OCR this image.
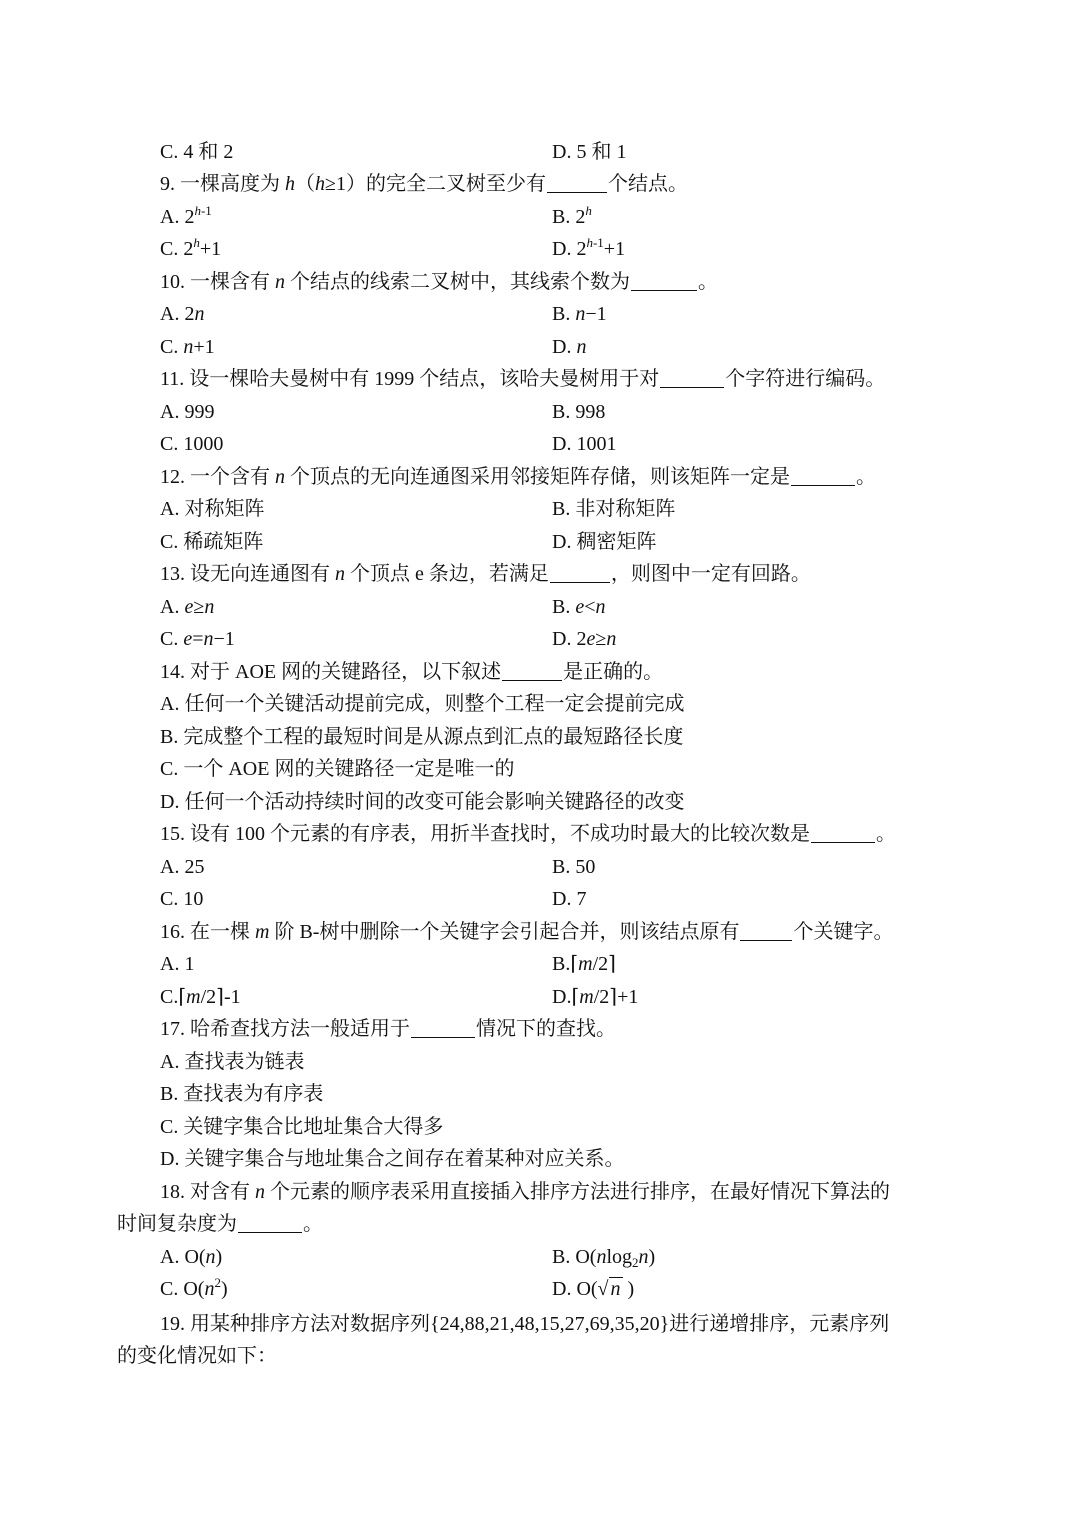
C. 4 和 2	D. 5 和 1
9. 一棵高度为 h（h≥1）的完全二叉树至少有	个结点。
A. 2$^{h-1}$	B. 2$^h$
C. $2^h+1$	D. $2^{h-1}+1$
10. 一棵含有 n 个结点的线索二叉树中，其线索个数为	。
A. 2n	B. n−1
C. n+1	D. n
11. 设一棵哈夫曼树中有 1999 个结点，该哈夫曼树用于对	个字符进行编码。
A. 999	B. 998
C. 1000	D. 1001
12. 一个含有 n 个顶点的无向连通图采用邻接矩阵存储，则该矩阵一定是	。
A. 对称矩阵	B. 非对称矩阵
C. 稀疏矩阵	D. 稠密矩阵
13. 设无向连通图有 n 个顶点 e 条边，若满足	，则图中一定有回路。
A. e≥n	B. e<n
C. e=n−1	D. 2e≥n
14. 对于 AOE 网的关键路径，以下叙述	是正确的。
A. 任何一个关键活动提前完成，则整个工程一定会提前完成
B. 完成整个工程的最短时间是从源点到汇点的最短路径长度
C. 一个 AOE 网的关键路径一定是唯一的
D. 任何一个活动持续时间的改变可能会影响关键路径的改变
15. 设有 100 个元素的有序表，用折半查找时，不成功时最大的比较次数是	。
A. 25	B. 50
C. 10	D. 7
16. 在一棵 m 阶 B-树中删除一个关键字会引起合并，则该结点原有	个关键字。
A. 1	B.⌈m/2⌉
C.⌈m/2⌉-1	D.⌈m/2⌉+1
17. 哈希查找方法一般适用于	情况下的查找。
A. 查找表为链表
B. 查找表为有序表
C. 关键字集合比地址集合大得多
D. 关键字集合与地址集合之间存在着某种对应关系。
18. 对含有 n 个元素的顺序表采用直接插入排序方法进行排序，在最好情况下算法的
时间复杂度为	。
A. O(n)	B. O(nlog$_2$n)
C. $O(n^2)$	D. O(√ n )
19. 用某种排序方法对数据序列{24,88,21,48,15,27,69,35,20}进行递增排序，元素序列
的变化情况如下：
